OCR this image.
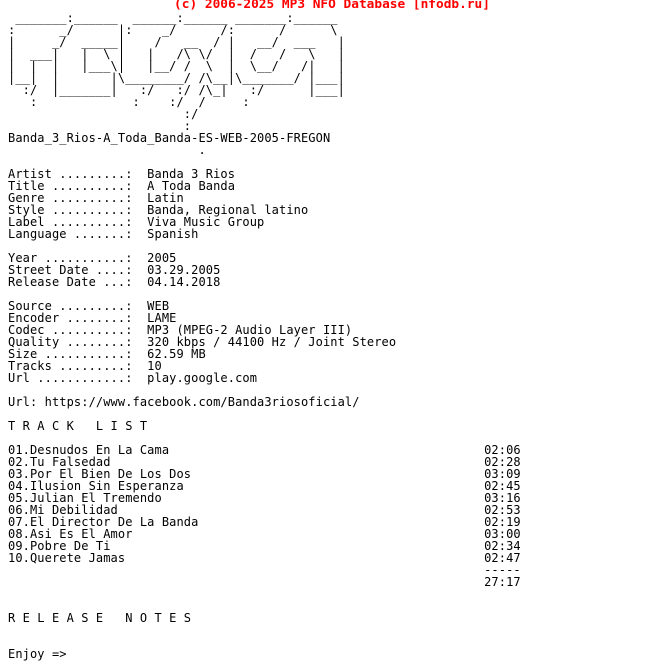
(c) 2006-2025 MP3 NFO Database [nfodb.ru]
_______:______  ______:______ _______:______
:      _/      |:    _/      /:      /      \
|     _/  _____|    /   __  / |   __/  ___   |
|  ___|   |  \ |   |   /\ \/  |  /   /   \   |
|  |  |   |___\|   |__/ /  \  |  \__/   /|   |
|__|  |       |\________/ /\__|\_______/ |___|
:/  |_______|   :/   :/ /\_|   :/      |___|
:             :    :/  /     :
:/
:
Banda_3_Rios-A_Toda_Banda-ES-WEB-2005-FREGON
.
Artist .........:  Banda 3 Rios
Title ..........:  A Toda Banda
Genre ..........:  Latin
Style ..........:  Banda, Regional latino
Label ..........:  Viva Music Group
Language .......:  Spanish
Year ...........:  2005
Street Date ....:  03.29.2005
Release Date ...:  04.14.2018
Source .........:  WEB
Encoder ........:  LAME
Codec ..........:  MP3 (MPEG-2 Audio Layer III)
Quality ........:  320 kbps / 44100 Hz / Joint Stereo
Size ...........:  62.59 MB
Tracks .........:  10
Url ............:  play.google.com
Url: https://www.facebook.com/Banda3riosoficial/
T R A C K   L I S T
01.Desnudos En La Cama                                           02:06
02.Tu Falsedad                                                   02:28
03.Por El Bien De Los Dos                                        03:09
04.Ilusion Sin Esperanza                                         02:45
05.Julian El Tremendo                                            03:16
06.Mi Debilidad                                                  02:53
07.El Director De La Banda                                       02:19
08.Asi Es El Amor                                                03:00
09.Pobre De Ti                                                   02:34
10.Querete Jamas                                                 02:47
-----
27:17
R E L E A S E   N O T E S
Enjoy =>
